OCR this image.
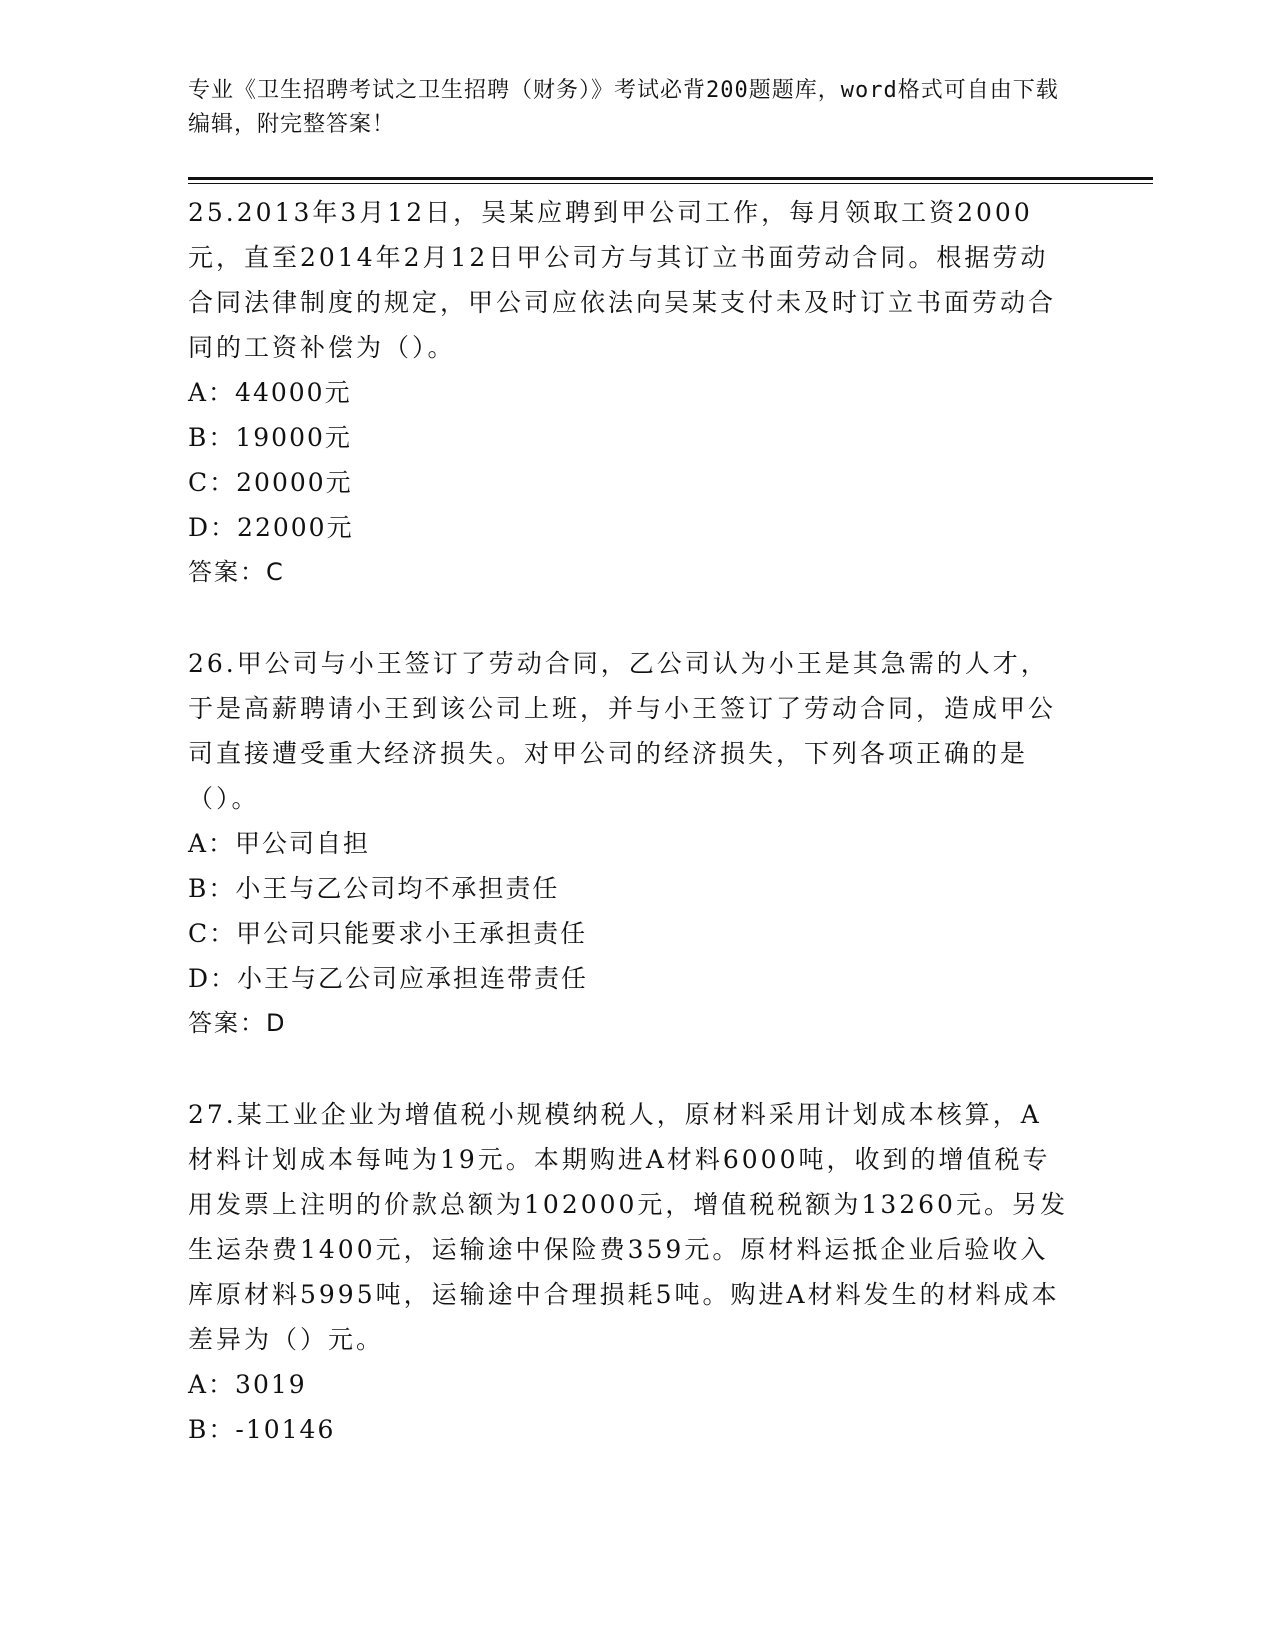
专业《卫生招聘考试之卫生招聘（财务）》考试必背200题题库，word格式可自由下载编辑，附完整答案！
25.2013年3月12日，吴某应聘到甲公司工作，每月领取工资2000元，直至2014年2月12日甲公司方与其订立书面劳动合同。根据劳动合同法律制度的规定，甲公司应依法向吴某支付未及时订立书面劳动合同的工资补偿为（）。
A：44000元
B：19000元
C：20000元
D：22000元
答案：C
26.甲公司与小王签订了劳动合同，乙公司认为小王是其急需的人才，于是高薪聘请小王到该公司上班，并与小王签订了劳动合同，造成甲公司直接遭受重大经济损失。对甲公司的经济损失，下列各项正确的是（）。
A：甲公司自担
B：小王与乙公司均不承担责任
C：甲公司只能要求小王承担责任
D：小王与乙公司应承担连带责任
答案：D
27.某工业企业为增值税小规模纳税人，原材料采用计划成本核算，A材料计划成本每吨为19元。本期购进A材料6000吨，收到的增值税专用发票上注明的价款总额为102000元，增值税税额为13260元。另发生运杂费1400元，运输途中保险费359元。原材料运抵企业后验收入库原材料5995吨，运输途中合理损耗5吨。购进A材料发生的材料成本差异为（）元。
A：3019
B：-10146
